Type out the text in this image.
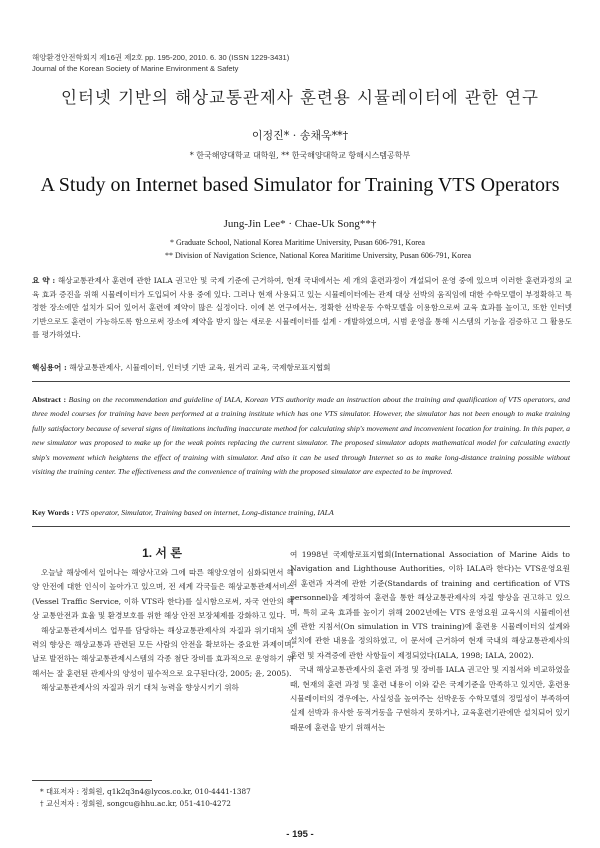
해양환경안전학회지 제16권 제2호 pp. 195-200, 2010. 6. 30 (ISSN 1229-3431)
Journal of the Korean Society of Marine Environment & Safety
인터넷 기반의 해상교통관제사 훈련용 시뮬레이터에 관한 연구
이정진* · 송채욱**†
* 한국해양대학교 대학원, ** 한국해양대학교 항해시스템공학부
A Study on Internet based Simulator for Training VTS Operators
Jung-Jin Lee* · Chae-Uk Song**†
* Graduate School, National Korea Maritime University, Pusan 606-791, Korea
** Division of Navigation Science, National Korea Maritime University, Pusan 606-791, Korea
요 약 : 해상교통관제사 훈련에 관한 IALA 권고안 및 국제 기준에 근거하여, 현재 국내에서는 세 개의 훈련과정이 개설되어 운영 중에 있으며 이러한 훈련과정의 교육 효과 증진을 위해 시뮬레이터가 도입되어 사용 중에 있다. 그러나 현재 사용되고 있는 시뮬레이터에는 관제 대상 선박의 움직임에 대한 수학모델이 부정확하고 특정한 장소에만 설치가 되어 있어서 훈련에 제약이 많은 실정이다. 이에 본 연구에서는, 정확한 선박운동 수학모델을 이용함으로써 교육 효과를 높이고, 또한 인터넷 기반으로도 훈련이 가능하도록 함으로써 장소에 제약을 받지 않는 새로운 시뮬레이터를 설계 · 개발하였으며, 시범 운영을 통해 시스템의 기능을 검증하고 그 활용도를 평가하였다.
핵심용어 : 해상교통관제사, 시뮬레이터, 인터넷 기반 교육, 원거리 교육, 국제항로표지협회
Abstract : Basing on the recommendation and guideline of IALA, Korean VTS authority made an instruction about the training and qualification of VTS operators, and three model courses for training have been performed at a training institute which has one VTS simulator. However, the simulator has not been enough to make training fully satisfactory because of several signs of limitations including inaccurate method for calculating ship's movement and inconvenient location for training. In this paper, a new simulator was proposed to make up for the weak points replacing the current simulator. The proposed simulator adopts mathematical model for calculating exactly ship's movement which heightens the effect of training with simulator. And also it can be used through Internet so as to make long-distance training possible without visiting the training center. The effectiveness and the convenience of training with the proposed simulator are expected to be improved.
Key Words : VTS operator, Simulator, Training based on internet, Long-distance training, IALA
1. 서 론

오늘날 해상에서 일어나는 해양사고와 그에 따른 해양오염이 심화되면서 해양 안전에 대한 인식이 높아가고 있으며, 전 세계 각국들은 해상교통관제서비스(Vessel Traffic Service, 이하 VTS라 한다)를 실시함으로써, 자국 연안의 해상 교통안전과 효율 및 환경보호를 위한 해상 안전 보장체제를 강화하고 있다.

해상교통관제서비스 업무를 담당하는 해상교통관제사의 자질과 위기대처 능력의 향상은 해상교통과 관련된 모든 사람의 안전을 확보하는 중요한 과제이며, 날로 발전하는 해상교통관제시스템의 각종 첨단 장비를 효과적으로 운영하기 위해서는 잘 훈련된 관제사의 양성이 필수적으로 요구된다(강, 2005; 윤, 2005).

해상교통관제사의 자질과 위기 대처 능력을 향상시키기 위하

여 1998년 국제항로표지협회(International Association of Marine Aids to Navigation and Lighthouse Authorities, 이하 IALA라 한다)는 VTS운영요원의 훈련과 자격에 관한 기준(Standards of training and certification of VTS personnel)을 제정하여 훈련을 통한 해상교통관제사의 자질 향상을 권고하고 있으며, 특히 교육 효과를 높이기 위해 2002년에는 VTS 운영요원 교육시의 시뮬레이션에 관한 지침서(On simulation in VTS training)에 훈련용 시뮬레이터의 설계와 설치에 관한 내용을 정의하였고, 이 문서에 근거하여 현재 국내의 해상교통관제사의 훈련 및 자격증에 관한 사항들이 제정되었다(IALA, 1998; IALA, 2002).

국내 해상교통관제사의 훈련 과정 및 장비를 IALA 권고안 및 지침서와 비교하였을 때, 현재의 훈련 과정 및 훈련 내용이 이와 같은 국제기준을 만족하고 있지만, 훈련용 시뮬레이터의 경우에는, 사실성을 높여주는 선박운동 수학모델의 정밀성이 부족하여 실제 선박과 유사한 동적거동을 구현하지 못하거나, 교육훈련기관에만 설치되어 있기 때문에 훈련을 받기 위해서는

* 대표저자 : 정회원, q1k2q3n4@lycos.co.kr, 010-4441-1387
† 교신저자 : 정회원, songcu@hhu.ac.kr, 051-410-4272
- 195 -
